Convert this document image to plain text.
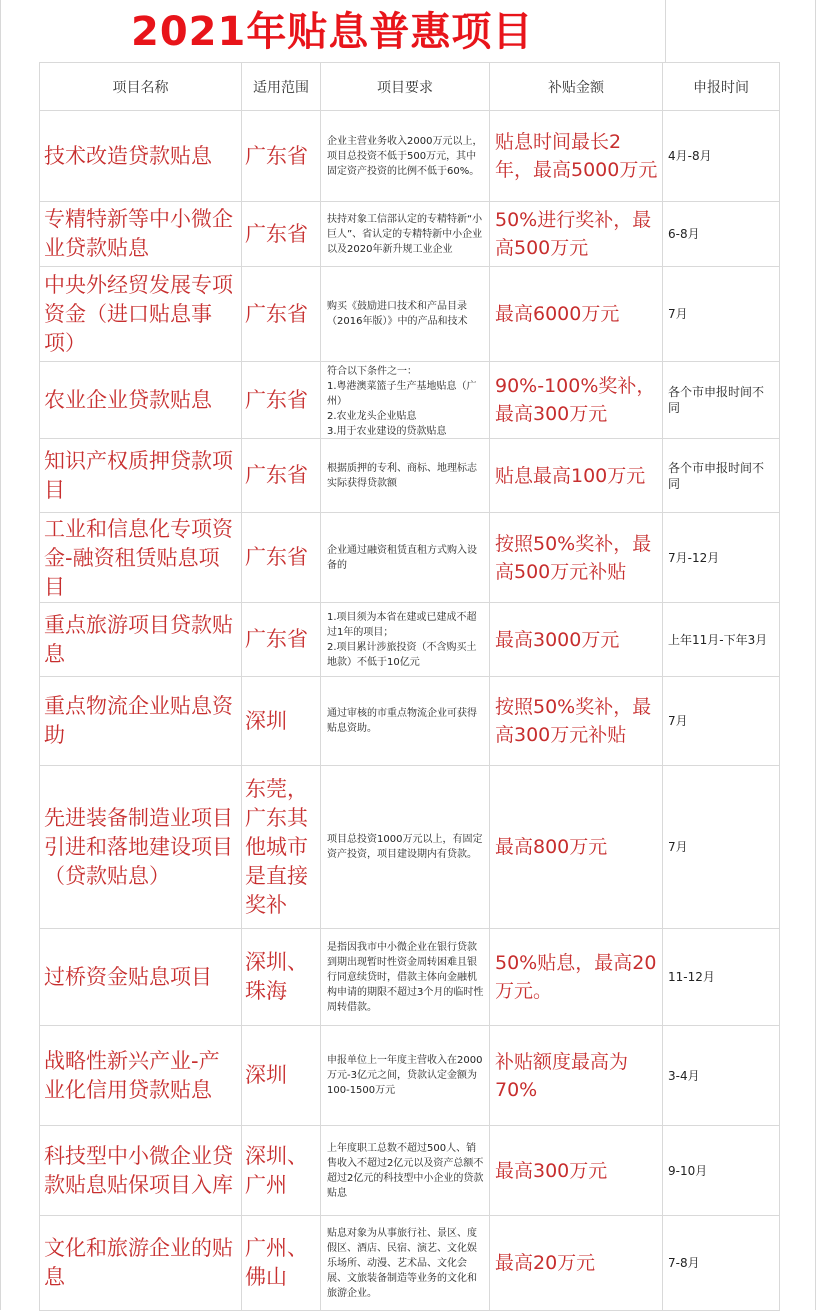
2021年贴息普惠项目
项目名称	适用范围	项目要求	补贴金额	申报时间

技术改造贷款贴息	广东省	企业主营业务收入2000万元以上，项目总投资不低于500万元，其中固定资产投资的比例不低于60%。	贴息时间最长2年，最高5000万元	4月-8月

专精特新等中小微企业贷款贴息	广东省	扶持对象工信部认定的专精特新“小巨人”、省认定的专精特新中小企业以及2020年新升规工业企业	50%进行奖补，最高500万元	6-8月

中央外经贸发展专项资金（进口贴息事项）	广东省	购买《鼓励进口技术和产品目录（2016年版）》中的产品和技术	最高6000万元	7月

农业企业贷款贴息	广东省	符合以下条件之一：
1.粤港澳菜篮子生产基地贴息（广州）
2.农业龙头企业贴息
3.用于农业建设的贷款贴息	90%-100%奖补，最高300万元	各个市申报时间不同

知识产权质押贷款项目	广东省	根据质押的专利、商标、地理标志实际获得贷款额	贴息最高100万元	各个市申报时间不同

工业和信息化专项资金-融资租赁贴息项目	广东省	企业通过融资租赁直租方式购入设备的	按照50%奖补，最高500万元补贴	7月-12月

重点旅游项目贷款贴息	广东省	1.项目须为本省在建或已建成不超过1年的项目；
2.项目累计涉旅投资（不含购买土地款）不低于10亿元	最高3000万元	上年11月-下年3月

重点物流企业贴息资助	深圳	通过审核的市重点物流企业可获得贴息资助。	按照50%奖补，最高300万元补贴	7月

先进装备制造业项目引进和落地建设项目（贷款贴息）	东莞，广东其他城市是直接奖补	项目总投资1000万元以上，有固定资产投资，项目建设期内有贷款。	最高800万元	7月

过桥资金贴息项目	深圳、珠海	是指因我市中小微企业在银行贷款到期出现暂时性资金周转困难且银行同意续贷时，借款主体向金融机构申请的期限不超过3个月的临时性周转借款。	50%贴息，最高20万元。	11-12月

战略性新兴产业-产业化信用贷款贴息	深圳	申报单位上一年度主营收入在2000万元-3亿元之间，贷款认定金额为100-1500万元	补贴额度最高为70%	3-4月

科技型中小微企业贷款贴息贴保项目入库	深圳、广州	上年度职工总数不超过500人、销售收入不超过2亿元以及资产总额不超过2亿元的科技型中小企业的贷款贴息	最高300万元	9-10月

文化和旅游企业的贴息	广州、佛山	贴息对象为从事旅行社、景区、度假区、酒店、民宿、演艺、文化娱乐场所、动漫、艺术品、文化会展、文旅装备制造等业务的文化和旅游企业。	最高20万元	7-8月
